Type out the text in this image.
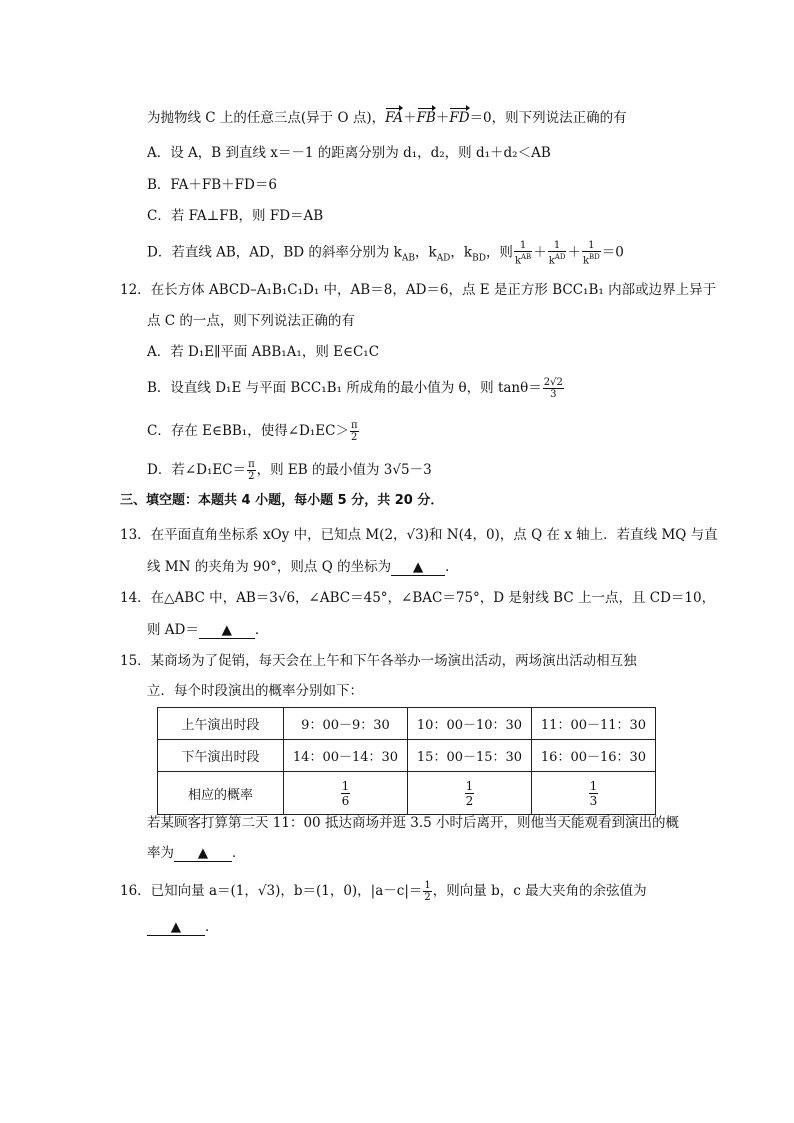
为抛物线 C 上的任意三点(异于 O 点)，FA＋FB＋FD＝0，则下列说法正确的有
A．设 A，B 到直线 x＝－1 的距离分别为 d₁，d₂，则 d₁＋d₂＜AB
B．FA＋FB＋FD＝6
C．若 FA⊥FB，则 FD＝AB
D．若直线 AB，AD，BD 的斜率分别为 $k_{AB}$，$k_{AD}$，$k_{BD}$，则 $\frac{1}{k^{AB}} + \frac{1}{k^{AD}} + \frac{1}{k^{BD}} =0$
12．在长方体 ABCD–A₁B₁C₁D₁ 中，AB＝8，AD＝6，点 E 是正方形 BCC₁B₁ 内部或边界上异于
点 C 的一点，则下列说法正确的有
A．若 D₁E∥平面 ABB₁A₁，则 E∈C₁C
B．设直线 D₁E 与平面 BCC₁B₁ 所成角的最小值为 θ，则 $\tan\theta= \frac{2√2}{3}$
C．存在 E∈BB₁，使得∠D₁EC＞ $\frac{\pi}{2}$
D．若∠D₁EC＝ $\frac{\pi}{2}$ ，则 EB 的最小值为 3√5－3
三、填空题：本题共 4 小题，每小题 5 分，共 20 分．
13．在平面直角坐标系 xOy 中，已知点 M(2，√3)和 N(4，0)，点 Q 在 x 轴上．若直线 MQ 与直
线 MN 的夹角为 90°，则点 Q 的坐标为 ▲ ．
14．在△ABC 中，AB＝3√6，∠ABC＝45°，∠BAC＝75°，D 是射线 BC 上一点，且 CD＝10，
则 AD＝ ▲ ．
15．某商场为了促销，每天会在上午和下午各举办一场演出活动，两场演出活动相互独
立．每个时段演出的概率分别如下：
上午演出时段	9：00－9：30	10：00－10：30	11：00－11：30
下午演出时段	14：00－14：30	15：00－15：30	16：00－16：30
相应的概率	$\frac{1}{6}$	$\frac{1}{2}$	$\frac{1}{3}$
若某顾客打算第二天 11：00 抵达商场并逛 3.5 小时后离开，则他当天能观看到演出的概
率为 ▲ ．
16．已知向量 a＝(1，√3)，b＝(1，0)，$|a-c|= \frac{1}{2}$ ，则向量 b，c 最大夹角的余弦值为
▲ ．
